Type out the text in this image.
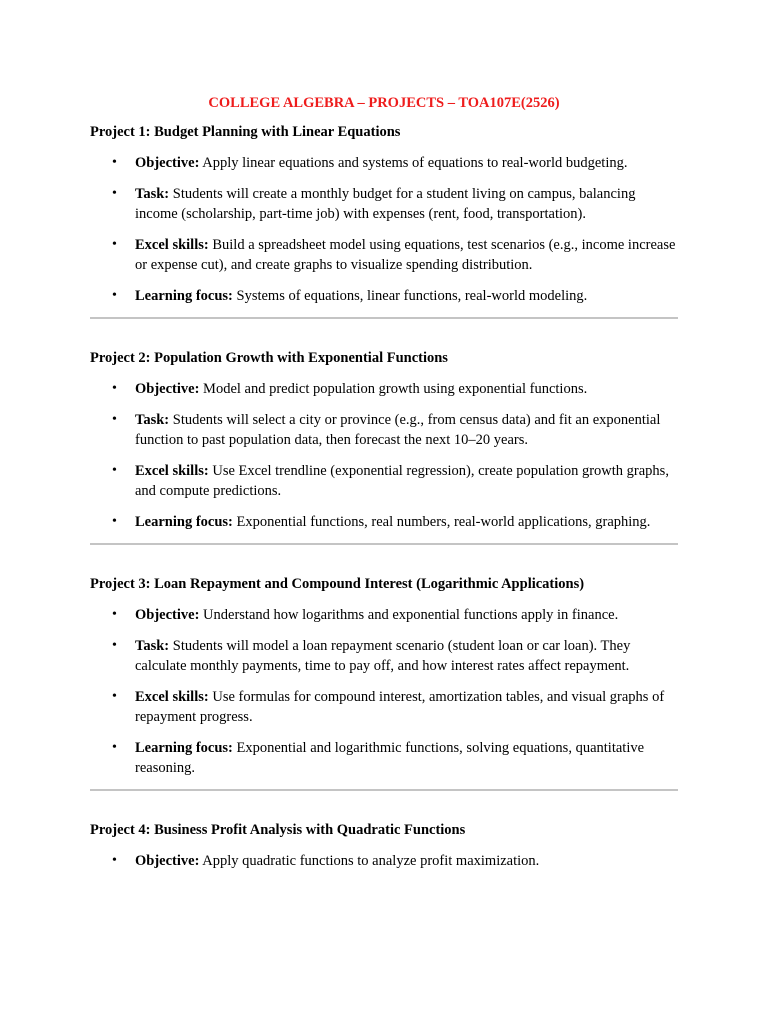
COLLEGE ALGEBRA – PROJECTS – TOA107E(2526)
Project 1: Budget Planning with Linear Equations
• Objective: Apply linear equations and systems of equations to real-world budgeting.
• Task: Students will create a monthly budget for a student living on campus, balancing income (scholarship, part-time job) with expenses (rent, food, transportation).
• Excel skills: Build a spreadsheet model using equations, test scenarios (e.g., income increase or expense cut), and create graphs to visualize spending distribution.
• Learning focus: Systems of equations, linear functions, real-world modeling.
Project 2: Population Growth with Exponential Functions
• Objective: Model and predict population growth using exponential functions.
• Task: Students will select a city or province (e.g., from census data) and fit an exponential function to past population data, then forecast the next 10–20 years.
• Excel skills: Use Excel trendline (exponential regression), create population growth graphs, and compute predictions.
• Learning focus: Exponential functions, real numbers, real-world applications, graphing.
Project 3: Loan Repayment and Compound Interest (Logarithmic Applications)
• Objective: Understand how logarithms and exponential functions apply in finance.
• Task: Students will model a loan repayment scenario (student loan or car loan). They calculate monthly payments, time to pay off, and how interest rates affect repayment.
• Excel skills: Use formulas for compound interest, amortization tables, and visual graphs of repayment progress.
• Learning focus: Exponential and logarithmic functions, solving equations, quantitative reasoning.
Project 4: Business Profit Analysis with Quadratic Functions
• Objective: Apply quadratic functions to analyze profit maximization.
